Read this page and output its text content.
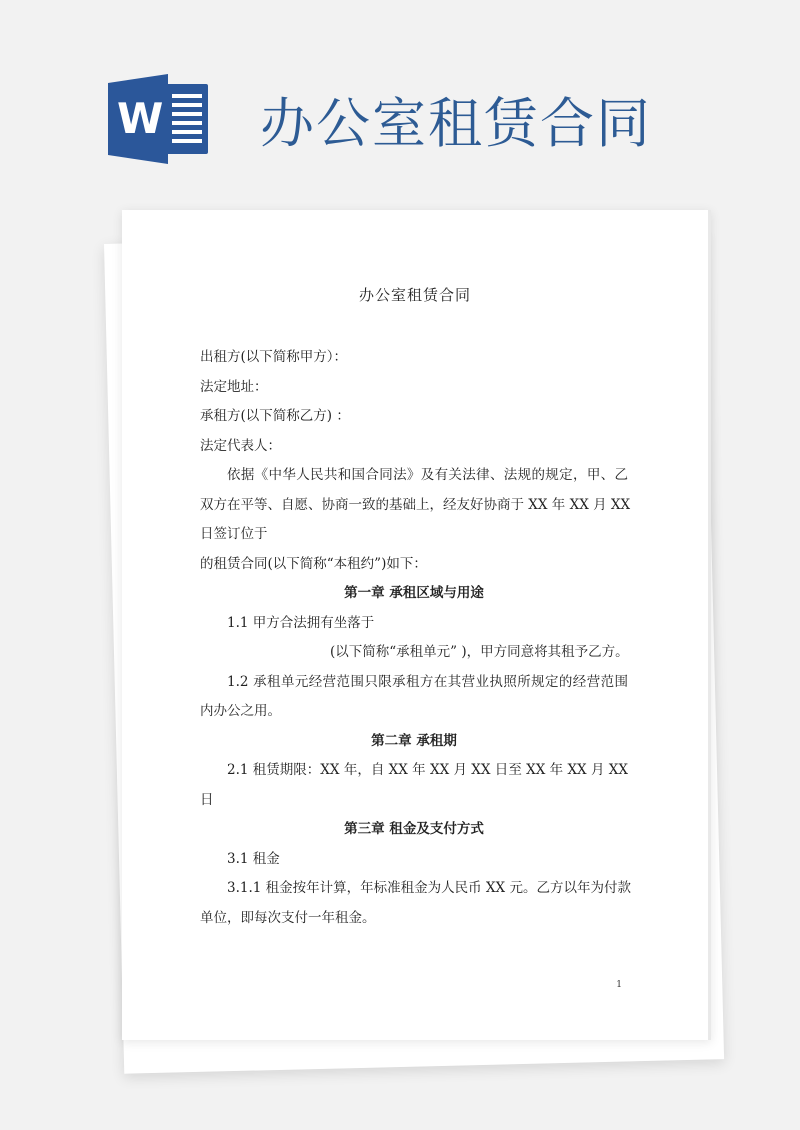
W 办公室租赁合同
办公室租赁合同
出租方(以下简称甲方）：
法定地址：
承租方(以下简称乙方) ：
法定代表人：
依据《中华人民共和国合同法》及有关法律、法规的规定，甲、乙
双方在平等、自愿、协商一致的基础上，经友好协商于 XX 年 XX 月 XX
日签订位于
的租赁合同(以下简称“本租约”)如下：
第一章 承租区域与用途
1.1 甲方合法拥有坐落于
(以下简称“承租单元” )，甲方同意将其租予乙方。
1.2 承租单元经营范围只限承租方在其营业执照所规定的经营范围
内办公之用。
第二章 承租期
2.1 租赁期限：XX 年，自 XX 年 XX 月 XX 日至 XX 年 XX 月 XX
日
第三章 租金及支付方式
3.1 租金
3.1.1 租金按年计算，年标准租金为人民币 XX 元。乙方以年为付款
单位，即每次支付一年租金。
1
